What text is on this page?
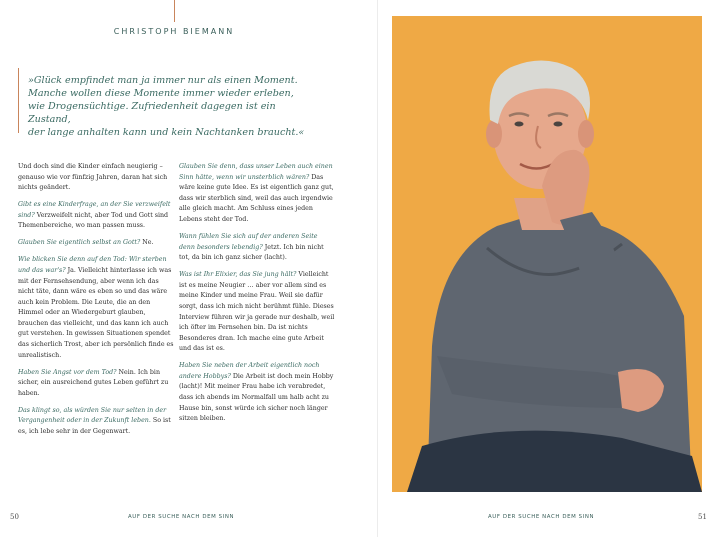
CHRISTOPH BIEMANN
»Glück empfindet man ja immer nur als einen Moment.
Manche wollen diese Momente immer wieder erleben,
wie Drogensüchtige. Zufriedenheit dagegen ist ein Zustand,
der lange anhalten kann und kein Nachtanken braucht.«

Und doch sind die Kinder einfach neugierig – genauso wie vor fünfzig Jahren, daran hat sich nichts geändert.

Gibt es eine Kinderfrage, an der Sie verzweifelt sind? Verzweifelt nicht, aber Tod und Gott sind Themenbereiche, wo man passen muss.

Glauben Sie eigentlich selbst an Gott? Ne.

Wie blicken Sie denn auf den Tod: Wir sterben und das war's? Ja. Vielleicht hinterlasse ich was mit der Fernsehsendung, aber wenn ich das nicht täte, dann wäre es eben so und das wäre auch kein Problem. Die Leute, die an den Himmel oder an Wiedergeburt glauben, brauchen das vielleicht, und das kann ich auch gut verstehen. In gewissen Situationen spendet das sicherlich Trost, aber ich persönlich finde es unrealistisch.

Haben Sie Angst vor dem Tod? Nein. Ich bin sicher, ein ausreichend gutes Leben geführt zu haben.

Das klingt so, als würden Sie nur selten in der Vergangenheit oder in der Zukunft leben. So ist es, ich lebe sehr in der Gegenwart.

Glauben Sie denn, dass unser Leben auch einen Sinn hätte, wenn wir unsterblich wären? Das wäre keine gute Idee. Es ist eigentlich ganz gut, dass wir sterblich sind, weil das auch irgendwie alle gleich macht. Am Schluss eines jeden Lebens steht der Tod.

Wann fühlen Sie sich auf der anderen Seite denn besonders lebendig? Jetzt. Ich bin nicht tot, da bin ich ganz sicher (lacht).

Was ist Ihr Elixier, das Sie jung hält? Vielleicht ist es meine Neugier … aber vor allem sind es meine Kinder und meine Frau. Weil sie dafür sorgt, dass ich mich nicht berühmt fühle. Dieses Interview führen wir ja gerade nur deshalb, weil ich öfter im Fernsehen bin. Da ist nichts Besonderes dran. Ich mache eine gute Arbeit und das ist es.

Haben Sie neben der Arbeit eigentlich noch andere Hobbys? Die Arbeit ist doch mein Hobby (lacht)! Mit meiner Frau habe ich verabredet, dass ich abends im Normalfall um halb acht zu Hause bin, sonst würde ich sicher noch länger sitzen bleiben.

50	AUF DER SUCHE NACH DEM SINN	AUF DER SUCHE NACH DEM SINN	51
